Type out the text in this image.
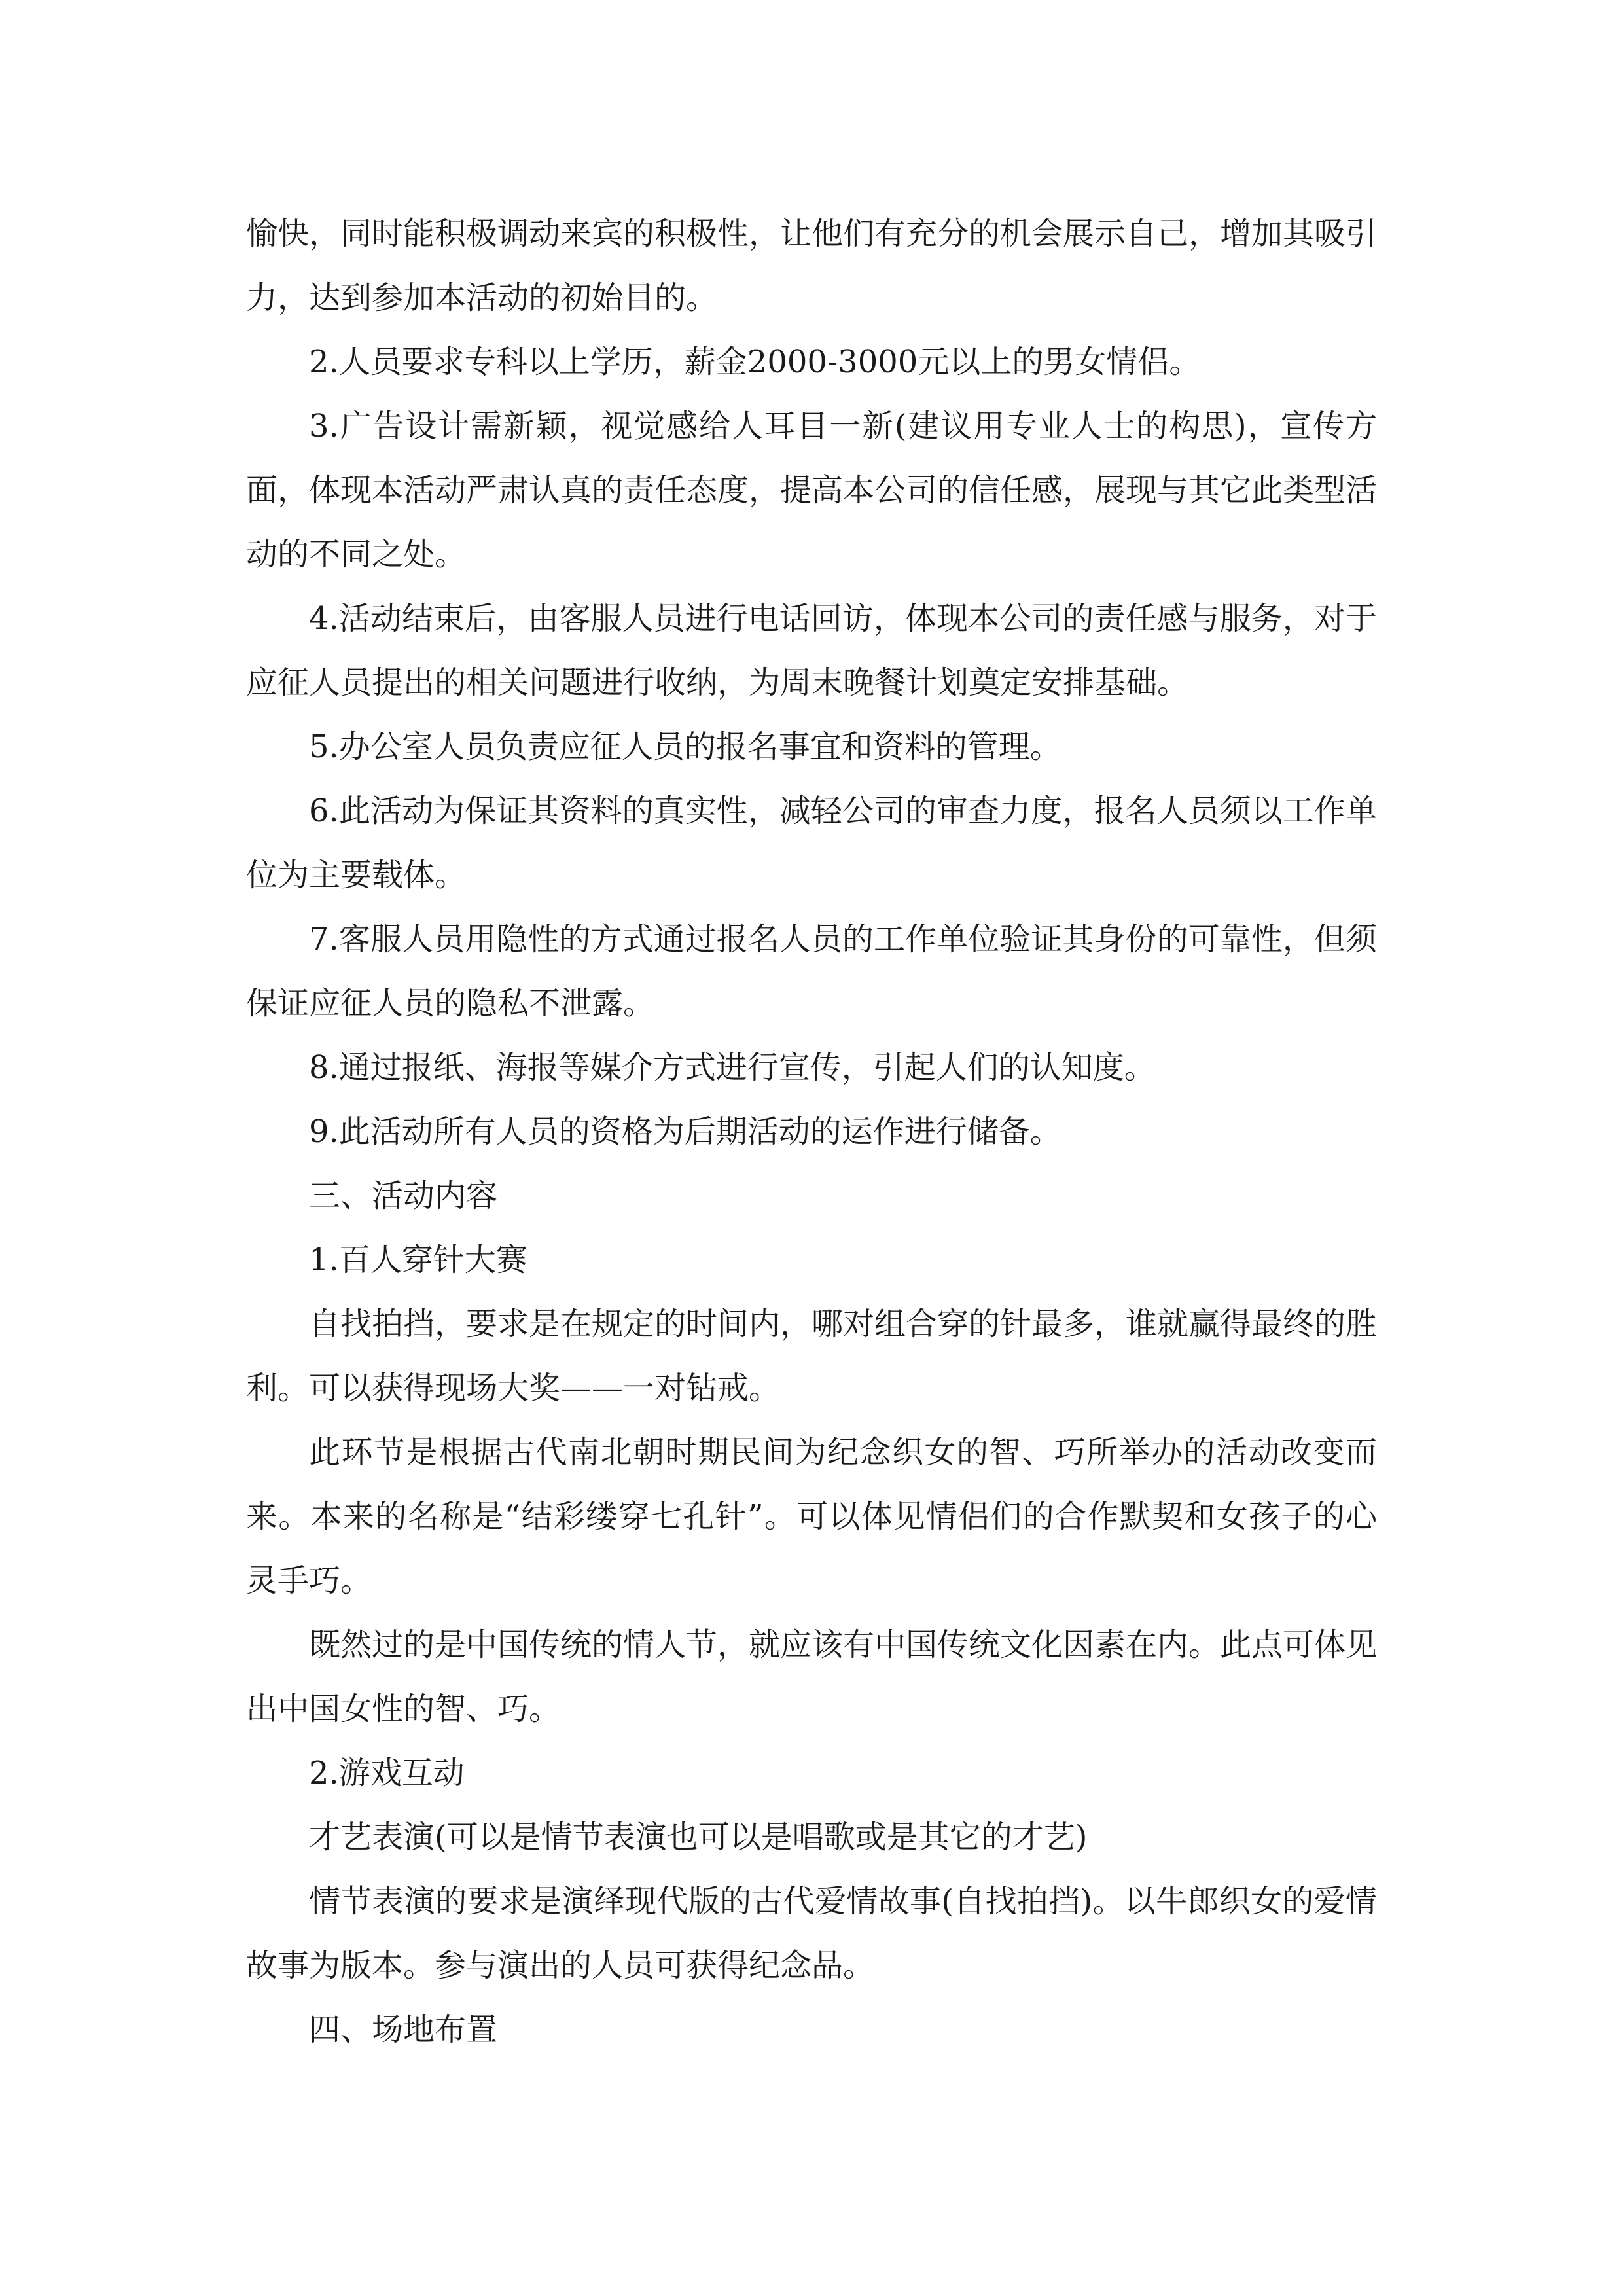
愉快，同时能积极调动来宾的积极性，让他们有充分的机会展示自己，增加其吸引力，达到参加本活动的初始目的。

2.人员要求专科以上学历，薪金2000-3000元以上的男女情侣。

3.广告设计需新颖，视觉感给人耳目一新(建议用专业人士的构思)，宣传方面，体现本活动严肃认真的责任态度，提高本公司的信任感，展现与其它此类型活动的不同之处。

4.活动结束后，由客服人员进行电话回访，体现本公司的责任感与服务，对于应征人员提出的相关问题进行收纳，为周末晚餐计划奠定安排基础。

5.办公室人员负责应征人员的报名事宜和资料的管理。

6.此活动为保证其资料的真实性，减轻公司的审查力度，报名人员须以工作单位为主要载体。

7.客服人员用隐性的方式通过报名人员的工作单位验证其身份的可靠性，但须保证应征人员的隐私不泄露。

8.通过报纸、海报等媒介方式进行宣传，引起人们的认知度。

9.此活动所有人员的资格为后期活动的运作进行储备。

三、活动内容

1.百人穿针大赛

自找拍挡，要求是在规定的时间内，哪对组合穿的针最多，谁就赢得最终的胜利。可以获得现场大奖——一对钻戒。

此环节是根据古代南北朝时期民间为纪念织女的智、巧所举办的活动改变而来。本来的名称是“结彩缕穿七孔针”。可以体见情侣们的合作默契和女孩子的心灵手巧。

既然过的是中国传统的情人节，就应该有中国传统文化因素在内。此点可体见出中国女性的智、巧。

2.游戏互动

才艺表演(可以是情节表演也可以是唱歌或是其它的才艺)

情节表演的要求是演绎现代版的古代爱情故事(自找拍挡)。以牛郎织女的爱情故事为版本。参与演出的人员可获得纪念品。

四、场地布置
